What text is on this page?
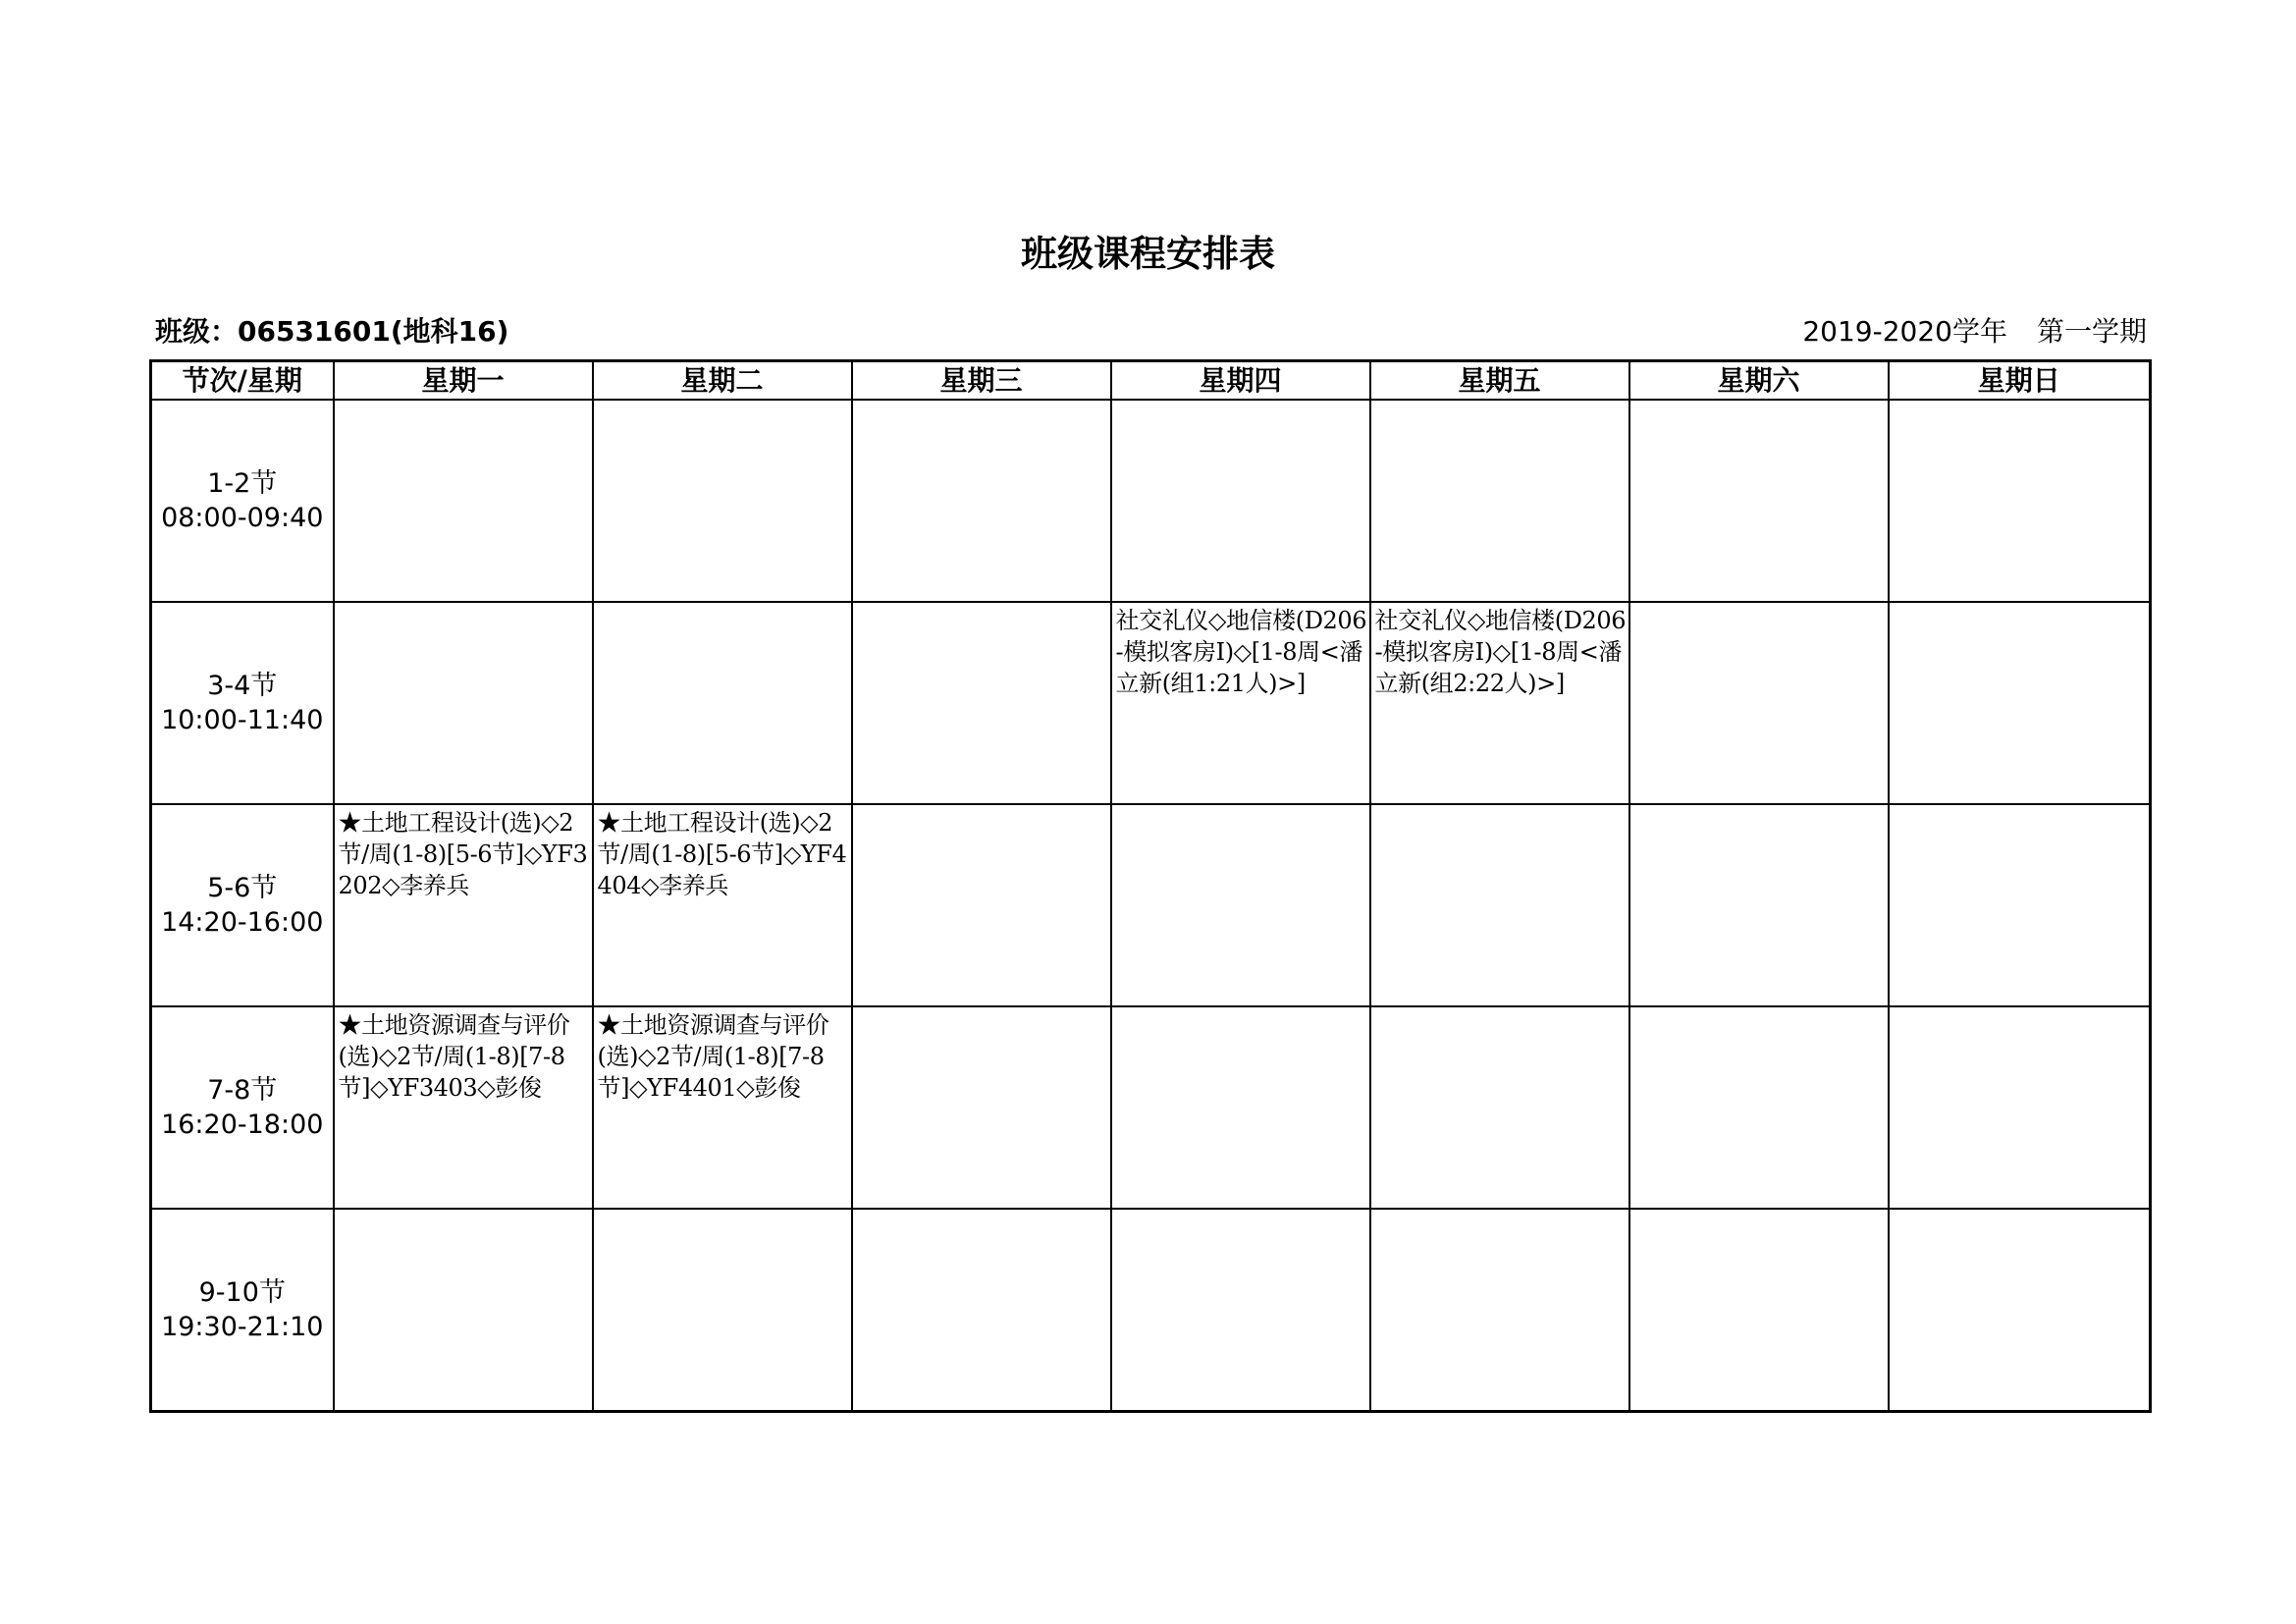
班级课程安排表
班级：06531601(地科16)	2019-2020学年 第一学期
节次/星期	星期一	星期二	星期三	星期四	星期五	星期六	星期日

1-2节
08:00-09:40							

3-4节
10:00-11:40				社交礼仪◇地信楼(D206-模拟客房Ⅰ)◇[1-8周<潘立新(组1:21人)>]	社交礼仪◇地信楼(D206-模拟客房Ⅰ)◇[1-8周<潘立新(组2:22人)>]		

5-6节
14:20-16:00	★土地工程设计(选)◇2节/周(1-8)[5-6节]◇YF3202◇李养兵	★土地工程设计(选)◇2节/周(1-8)[5-6节]◇YF4404◇李养兵					

7-8节
16:20-18:00	★土地资源调查与评价(选)◇2节/周(1-8)[7-8节]◇YF3403◇彭俊	★土地资源调查与评价(选)◇2节/周(1-8)[7-8节]◇YF4401◇彭俊					

9-10节
19:30-21:10							
